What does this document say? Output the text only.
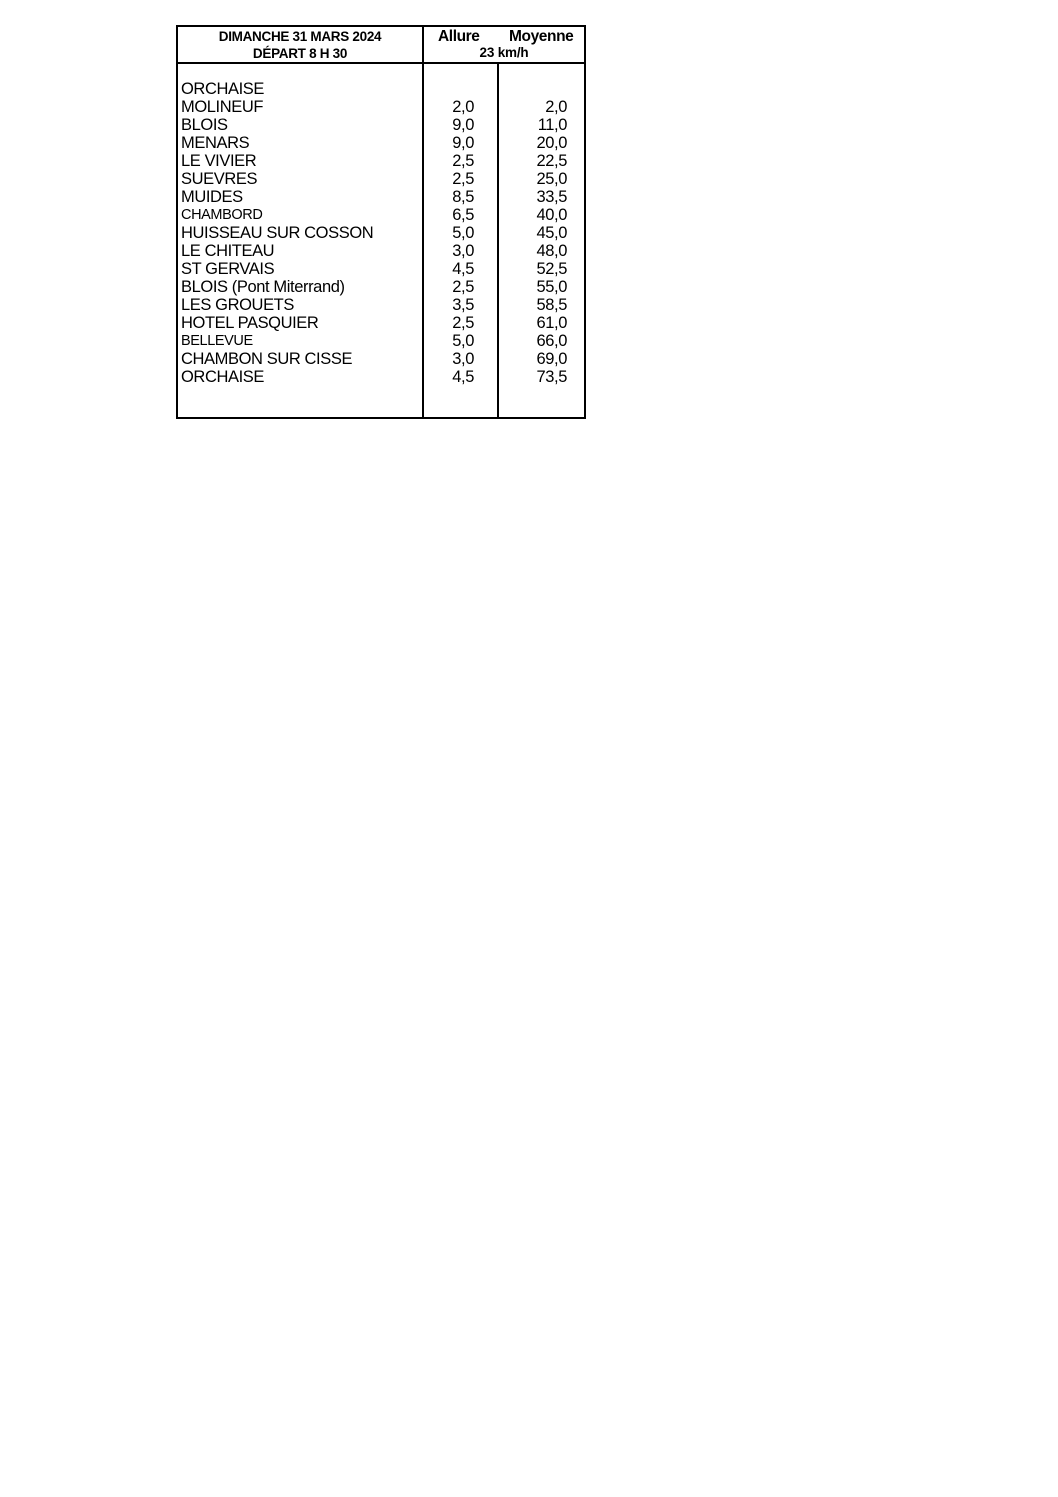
DIMANCHE 31 MARS 2024
DÉPART 8 H 30
Allure Moyenne
23 km/h
ORCHAISE
MOLINEUF	2,0	2,0
BLOIS	9,0	11,0
MENARS	9,0	20,0
LE VIVIER	2,5	22,5
SUEVRES	2,5	25,0
MUIDES	8,5	33,5
CHAMBORD	6,5	40,0
HUISSEAU SUR COSSON	5,0	45,0
LE CHITEAU	3,0	48,0
ST GERVAIS	4,5	52,5
BLOIS (Pont Miterrand)	2,5	55,0
LES GROUETS	3,5	58,5
HOTEL PASQUIER	2,5	61,0
BELLEVUE	5,0	66,0
CHAMBON SUR CISSE	3,0	69,0
ORCHAISE	4,5	73,5
